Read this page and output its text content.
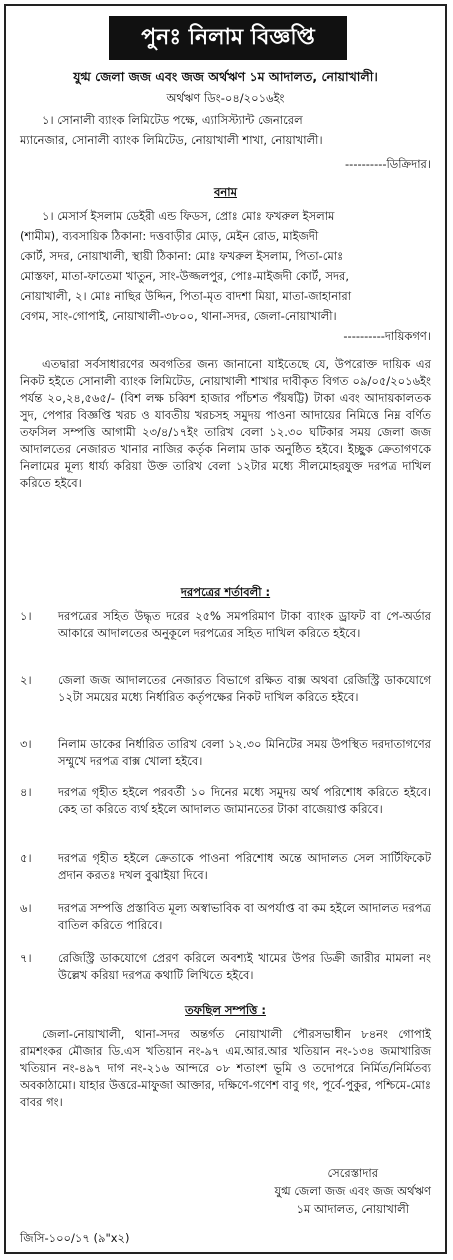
পুনঃ নিলাম বিজ্ঞপ্তি
যুগ্ম জেলা জজ এবং জজ অর্থঋণ ১ম আদালত, নোয়াখালী।
অর্থঋণ ডিং-০৪/২০১৬ইং
১। সোনালী ব্যাংক লিমিটেড পক্ষে, এ্যাসিস্ট্যান্ট জেনারেল
ম্যানেজার, সোনালী ব্যাংক লিমিটেড, নোয়াখালী শাখা, নোয়াখালী।
----------ডিক্রিদার।
বনাম
১। মেসার্স ইসলাম ডেইরী এন্ড ফিডস, প্রোঃ মোঃ ফখরুল ইসলাম
(শামীম), ব্যবসায়িক ঠিকানা: দত্তবাড়ীর মোড়, মেইন রোড, মাইজদী
কোর্ট, সদর, নোয়াখালী, স্থায়ী ঠিকানা: মোঃ ফখরুল ইসলাম, পিতা-মোঃ
মোস্তফা, মাতা-ফাতেমা খাতুন, সাং-উজ্জলপুর, পোঃ-মাইজদী কোর্ট, সদর,
নোয়াখালী, ২। মোঃ নাছির উদ্দিন, পিতা-মৃত বাদশা মিয়া, মাতা-জাহানারা
বেগম, সাং-গোপাই, নোয়াখালী-৩৮০০, থানা-সদর, জেলা-নোয়াখালী।
----------দায়িকগণ।
এতদ্বারা সর্বসাধারণের অবগতির জন্য জানানো যাইতেছে যে, উপরোক্ত দায়িক এর নিকট হইতে সোনালী ব্যাংক লিমিটেড, নোয়াখালী শাখার দাবীকৃত বিগত ০৯/০৫/২০১৬ইং পর্যন্ত ২০,২৪,৫৬৫/- (বিশ লক্ষ চব্বিশ হাজার পাঁচশত পঁয়ষট্টি) টাকা এবং আদায়কালতক সুদ, পেপার বিজ্ঞপ্তি খরচ ও যাবতীয় খরচসহ সমুদয় পাওনা আদায়ের নিমিত্তে নিম্ন বর্ণিত তফসিল সম্পত্তি আগামী ২৩/৪/১৭ইং তারিখ বেলা ১২.৩০ ঘটিকার সময় জেলা জজ আদালতের নেজারত খানার নাজির কর্তৃক নিলাম ডাক অনুষ্ঠিত হইবে। ইচ্ছুক ক্রেতাগণকে নিলামের মূল্য ধার্য্য করিয়া উক্ত তারিখ বেলা ১২টার মধ্যে সীলমোহরযুক্ত দরপত্র দাখিল করিতে হইবে।
দরপত্রের শর্তাবলী :
১।	দরপত্রের সহিত উদ্ধৃত দরের ২৫% সমপরিমাণ টাকা ব্যাংক ড্রাফট বা পে-অর্ডার আকারে আদালতের অনুকূলে দরপত্রের সহিত দাখিল করিতে হইবে।
২।	জেলা জজ আদালতের নেজারত বিভাগে রক্ষিত বাক্স অথবা রেজিস্ট্রি ডাকযোগে ১২টা সময়ের মধ্যে নির্ধারিত কর্তৃপক্ষের নিকট দাখিল করিতে হইবে।
৩।	নিলাম ডাকের নির্ধারিত তারিখ বেলা ১২.৩০ মিনিটের সময় উপস্থিত দরদাতাগণের সম্মুখে দরপত্র বাক্স খোলা হইবে।
৪।	দরপত্র গৃহীত হইলে পরবর্তী ১০ দিনের মধ্যে সমুদয় অর্থ পরিশোধ করিতে হইবে। কেহ তা করিতে ব্যর্থ হইলে আদালত জামানতের টাকা বাজেয়াপ্ত করিবে।
৫।	দরপত্র গৃহীত হইলে ক্রেতাকে পাওনা পরিশোধ অন্তে আদালত সেল সার্টিফিকেট প্রদান করতঃ দখল বুঝাইয়া দিবে।
৬।	দরপত্র সম্পত্তি প্রস্তাবিত মূল্য অস্বাভাবিক বা অপর্যাপ্ত বা কম হইলে আদালত দরপত্র বাতিল করিতে পারিবে।
৭।	রেজিস্ট্রি ডাকযোগে প্রেরণ করিলে অবশ্যই খামের উপর ডিক্রী জারীর মামলা নং উল্লেখ করিয়া দরপত্র কথাটি লিখিতে হইবে।
তফছিল সম্পত্তি :
জেলা-নোয়াখালী, থানা-সদর অন্তর্গত নোয়াখালী পৌরসভাধীন ৮৪নং গোপাই রামশংকর মৌজার ডি.এস খতিয়ান নং-৯৭ এম.আর.আর খতিয়ান নং-১৩৪ জমাখারিজ খতিয়ান নং-৪৯৭ দাগ নং-২১৬ আন্দরে ০৮ শতাংশ ভূমি ও তদোপরে নির্মিত/নির্মিতব্য অবকাঠামো। যাহার উত্তরে-মাফুজা আক্তার, দক্ষিণে-গণেশ বাবু গং, পূর্বে-পুকুর, পশ্চিমে-মোঃ বাবর গং।
সেরেস্তাদার
যুগ্ম জেলা জজ এবং জজ অর্থঋণ
১ম আদালত, নোয়াখালী
জিসি-১০০/১৭ (৯"x২)
